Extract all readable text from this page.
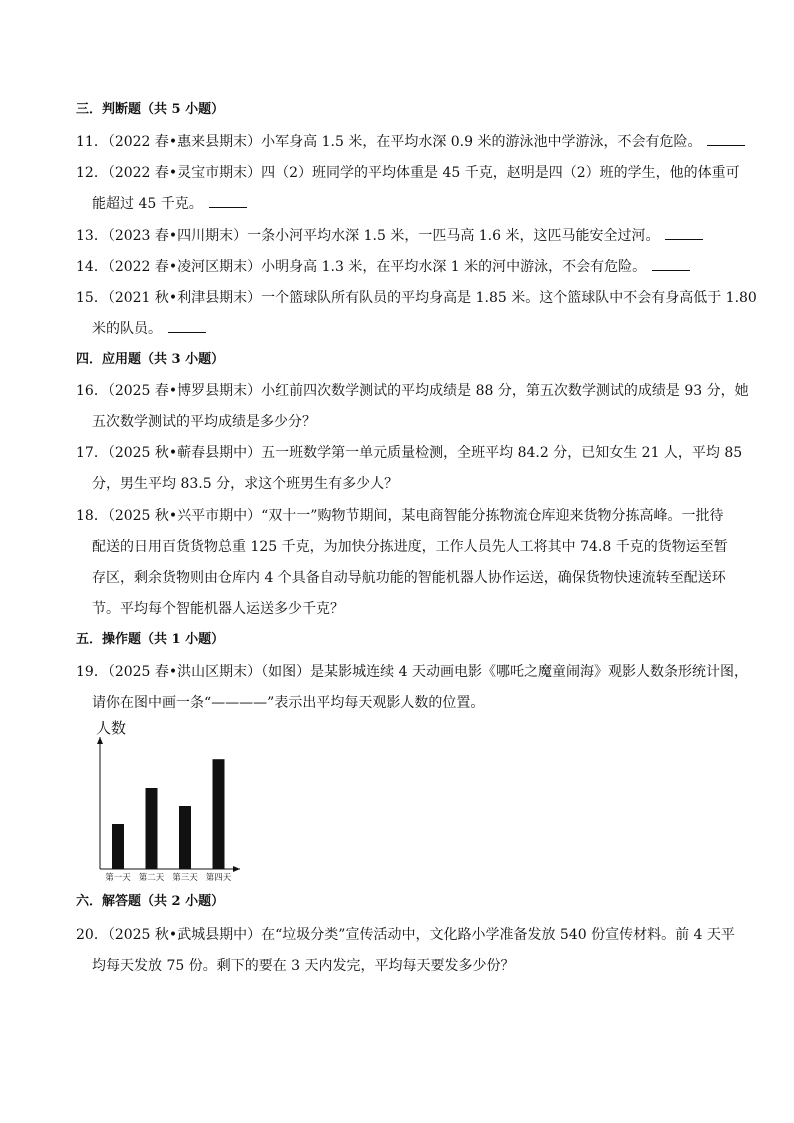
三．判断题（共 5 小题）
11．（2022 春•惠来县期末）小军身高 1.5 米，在平均水深 0.9 米的游泳池中学游泳，不会有危险。
12．（2022 春•灵宝市期末）四（2）班同学的平均体重是 45 千克，赵明是四（2）班的学生，他的体重可
能超过 45 千克。
13．（2023 春•四川期末）一条小河平均水深 1.5 米，一匹马高 1.6 米，这匹马能安全过河。
14．（2022 春•凌河区期末）小明身高 1.3 米，在平均水深 1 米的河中游泳，不会有危险。
15．（2021 秋•利津县期末）一个篮球队所有队员的平均身高是 1.85 米。这个篮球队中不会有身高低于 1.80
米的队员。
四．应用题（共 3 小题）
16．（2025 春•博罗县期末）小红前四次数学测试的平均成绩是 88 分，第五次数学测试的成绩是 93 分，她
五次数学测试的平均成绩是多少分？
17．（2025 秋•蕲春县期中）五一班数学第一单元质量检测，全班平均 84.2 分，已知女生 21 人，平均 85
分，男生平均 83.5 分，求这个班男生有多少人？
18．（2025 秋•兴平市期中）“双十一”购物节期间，某电商智能分拣物流仓库迎来货物分拣高峰。一批待
配送的日用百货货物总重 125 千克，为加快分拣进度，工作人员先人工将其中 74.8 千克的货物运至暂
存区，剩余货物则由仓库内 4 个具备自动导航功能的智能机器人协作运送，确保货物快速流转至配送环
节。平均每个智能机器人运送多少千克？
五．操作题（共 1 小题）
19．（2025 春•洪山区期末）（如图）是某影城连续 4 天动画电影《哪吒之魔童闹海》观影人数条形统计图，
请你在图中画一条“————”表示出平均每天观影人数的位置。
人数
第一天 第二天 第三天 第四天
六．解答题（共 2 小题）
20．（2025 秋•武城县期中）在“垃圾分类”宣传活动中，文化路小学准备发放 540 份宣传材料。前 4 天平
均每天发放 75 份。剩下的要在 3 天内发完，平均每天要发多少份？
